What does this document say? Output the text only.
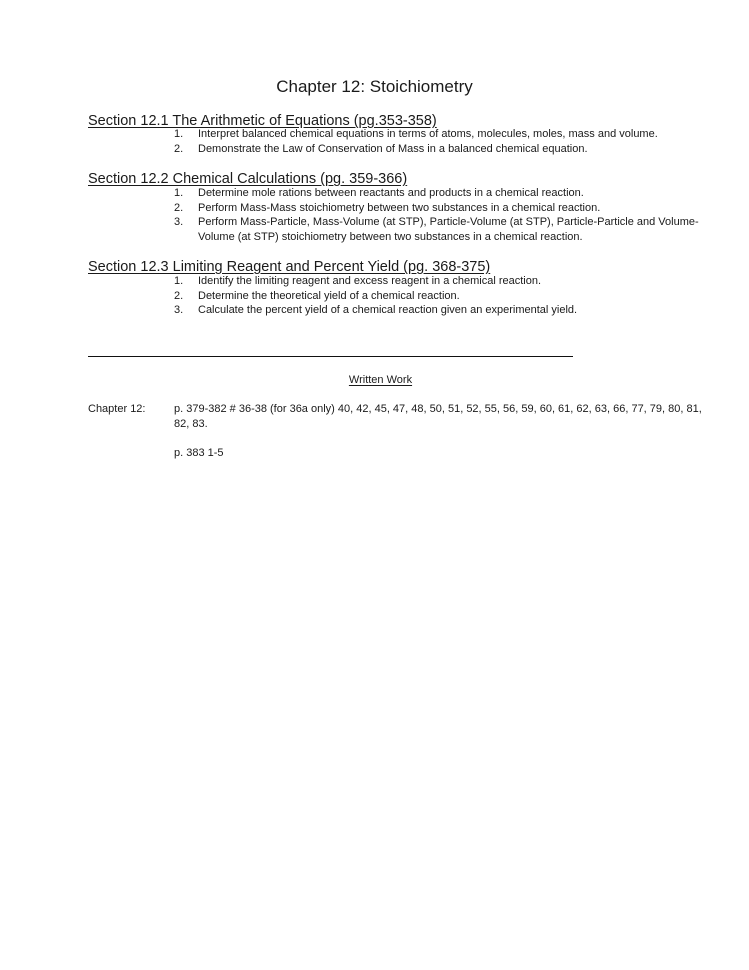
Chapter 12: Stoichiometry
Section 12.1 The Arithmetic of Equations (pg.353-358)
1. Interpret balanced chemical equations in terms of atoms, molecules, moles, mass and volume.
2. Demonstrate the Law of Conservation of Mass in a balanced chemical equation.
Section 12.2 Chemical Calculations (pg. 359-366)
1. Determine mole rations between reactants and products in a chemical reaction.
2. Perform Mass-Mass stoichiometry between two substances in a chemical reaction.
3. Perform Mass-Particle, Mass-Volume (at STP), Particle-Volume (at STP), Particle-Particle and Volume-Volume (at STP) stoichiometry between two substances in a chemical reaction.
Section 12.3 Limiting Reagent and Percent Yield (pg. 368-375)
1. Identify the limiting reagent and excess reagent in a chemical reaction.
2. Determine the theoretical yield of a chemical reaction.
3. Calculate the percent yield of a chemical reaction given an experimental yield.
Written Work
Chapter 12:	p. 379-382 # 36-38 (for 36a only) 40, 42, 45, 47, 48, 50, 51, 52, 55, 56, 59, 60, 61, 62, 63, 66, 77, 79, 80, 81, 82, 83.
p. 383 1-5
